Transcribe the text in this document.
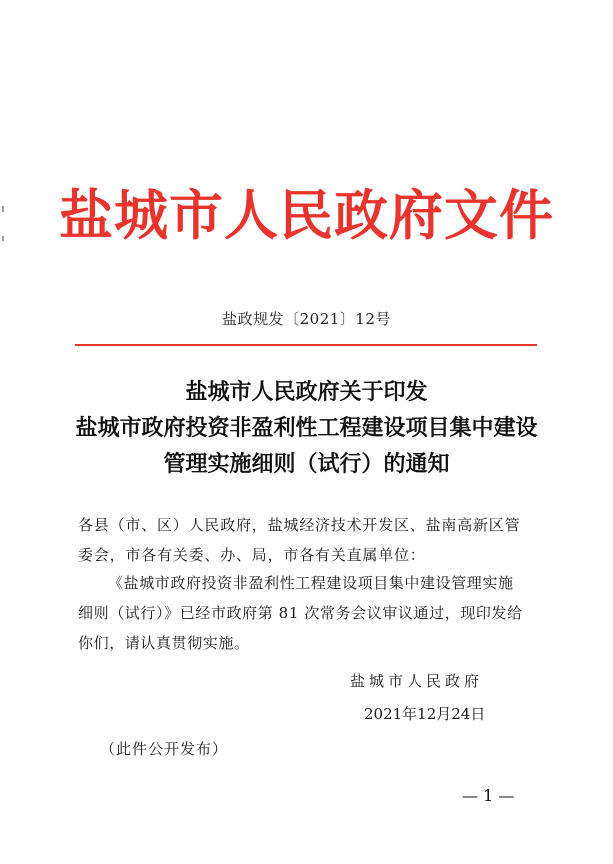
盐城市人民政府文件
盐政规发〔2021〕12号
盐城市人民政府关于印发
盐城市政府投资非盈利性工程建设项目集中建设
管理实施细则（试行）的通知
各县（市、区）人民政府，盐城经济技术开发区、盐南高新区管
委会，市各有关委、办、局，市各有关直属单位：
《盐城市政府投资非盈利性工程建设项目集中建设管理实施
细则（试行）》已经市政府第 81 次常务会议审议通过，现印发给
你们，请认真贯彻实施。
盐城市人民政府
2021年12月24日
（此件公开发布）
— 1 —
